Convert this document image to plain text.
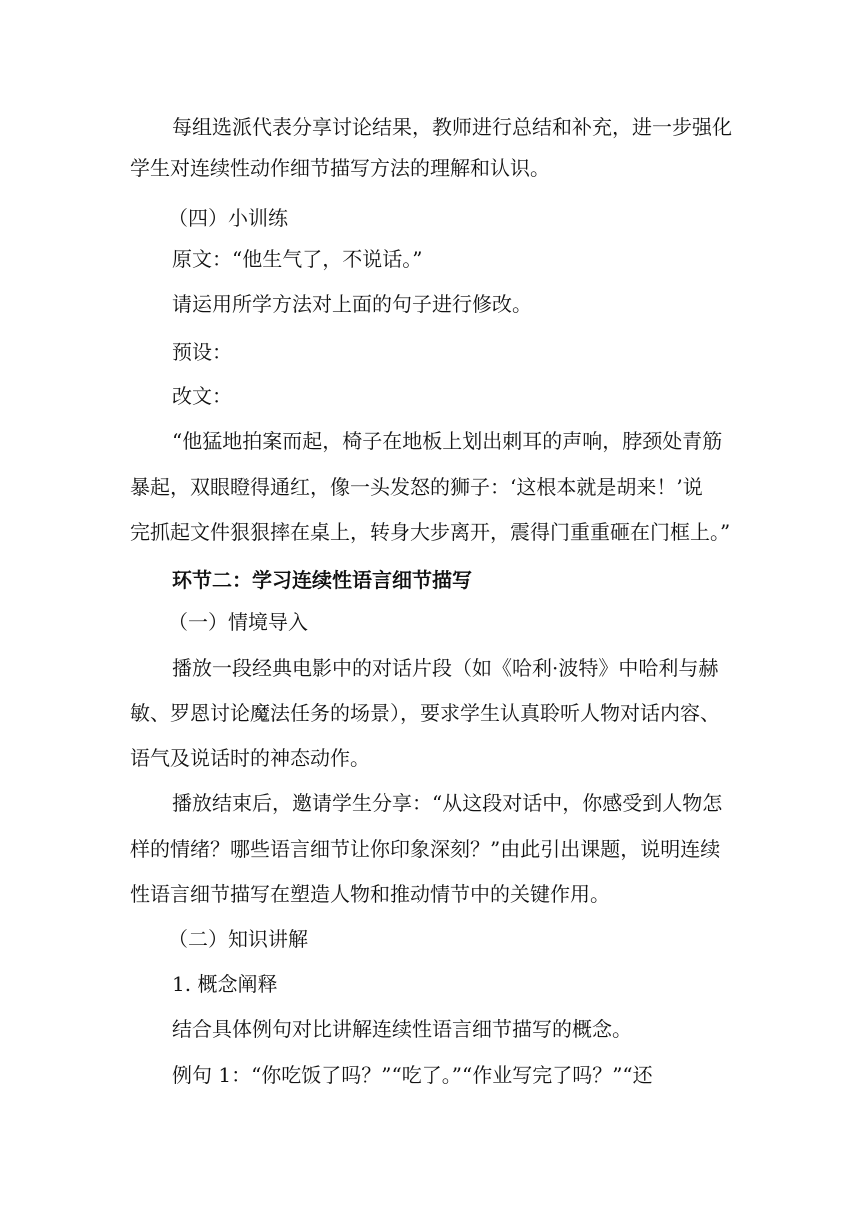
每组选派代表分享讨论结果，教师进行总结和补充，进一步强化
学生对连续性动作细节描写方法的理解和认识。
（四）小训练
原文：“他生气了，不说话。”
请运用所学方法对上面的句子进行修改。
预设：
改文：
“他猛地拍案而起，椅子在地板上划出刺耳的声响，脖颈处青筋
暴起，双眼瞪得通红，像一头发怒的狮子：‘这根本就是胡来！’说
完抓起文件狠狠摔在桌上，转身大步离开，震得门重重砸在门框上。”
环节二：学习连续性语言细节描写
（一）情境导入
播放一段经典电影中的对话片段（如《哈利·波特》中哈利与赫
敏、罗恩讨论魔法任务的场景），要求学生认真聆听人物对话内容、
语气及说话时的神态动作。
播放结束后，邀请学生分享：“从这段对话中，你感受到人物怎
样的情绪？哪些语言细节让你印象深刻？”由此引出课题，说明连续
性语言细节描写在塑造人物和推动情节中的关键作用。
（二）知识讲解
1. 概念阐释
结合具体例句对比讲解连续性语言细节描写的概念。
例句 1：“你吃饭了吗？”“吃了。”“作业写完了吗？”“还
